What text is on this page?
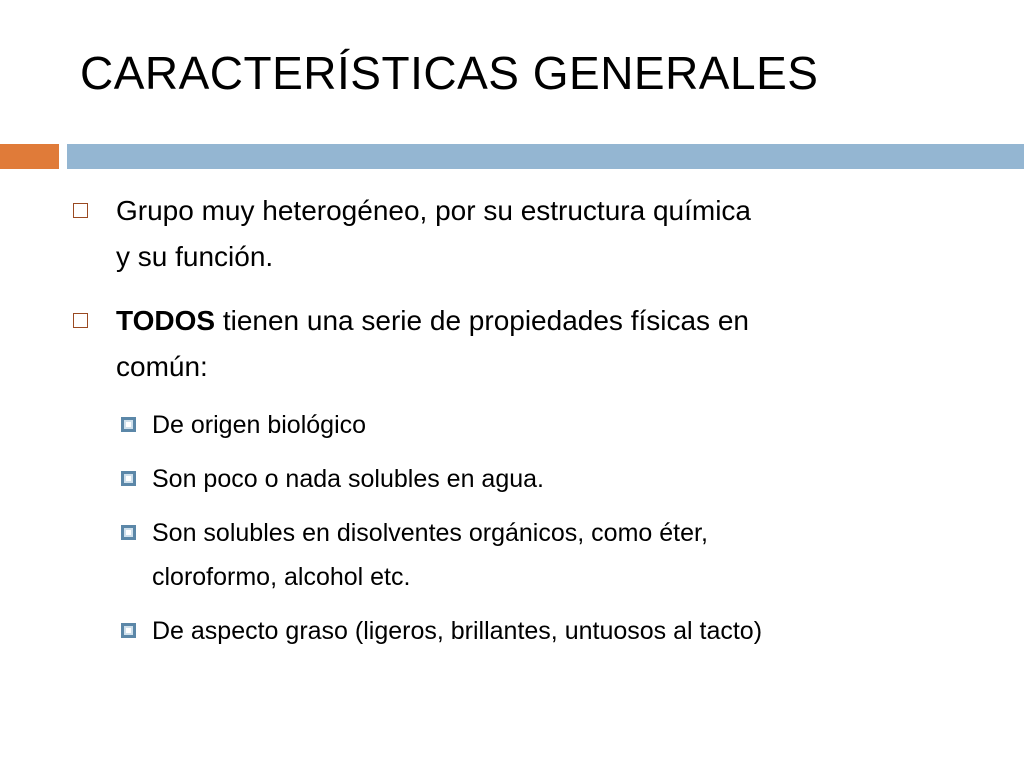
CARACTERÍSTICAS GENERALES
Grupo muy heterogéneo, por su estructura química
y su función.
TODOS tienen una serie de propiedades físicas en
común:
De origen biológico
Son poco o nada solubles en agua.
Son solubles en disolventes orgánicos, como éter,
cloroformo, alcohol etc.
De aspecto graso (ligeros, brillantes, untuosos al tacto)
